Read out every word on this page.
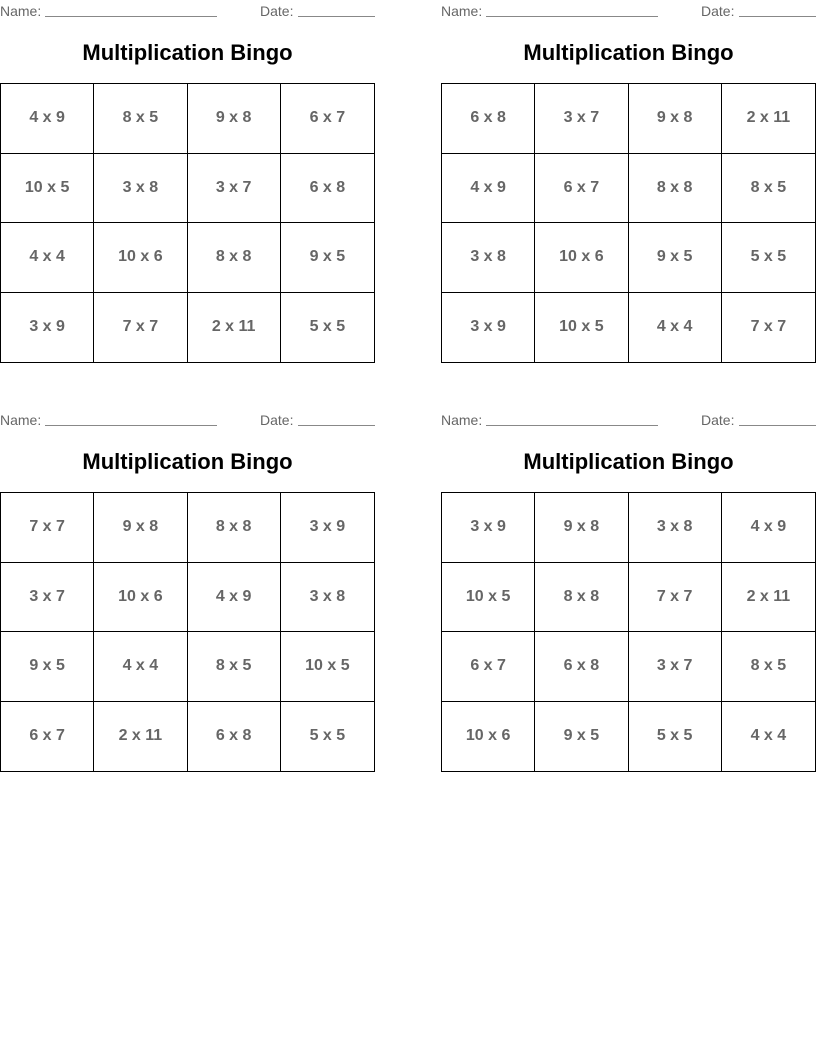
Name:	Date:
Multiplication Bingo
4 x 9	8 x 5	9 x 8	6 x 7
10 x 5	3 x 8	3 x 7	6 x 8
4 x 4	10 x 6	8 x 8	9 x 5
3 x 9	7 x 7	2 x 11	5 x 5
Name:	Date:
Multiplication Bingo
6 x 8	3 x 7	9 x 8	2 x 11
4 x 9	6 x 7	8 x 8	8 x 5
3 x 8	10 x 6	9 x 5	5 x 5
3 x 9	10 x 5	4 x 4	7 x 7
Name:	Date:
Multiplication Bingo
7 x 7	9 x 8	8 x 8	3 x 9
3 x 7	10 x 6	4 x 9	3 x 8
9 x 5	4 x 4	8 x 5	10 x 5
6 x 7	2 x 11	6 x 8	5 x 5
Name:	Date:
Multiplication Bingo
3 x 9	9 x 8	3 x 8	4 x 9
10 x 5	8 x 8	7 x 7	2 x 11
6 x 7	6 x 8	3 x 7	8 x 5
10 x 6	9 x 5	5 x 5	4 x 4
